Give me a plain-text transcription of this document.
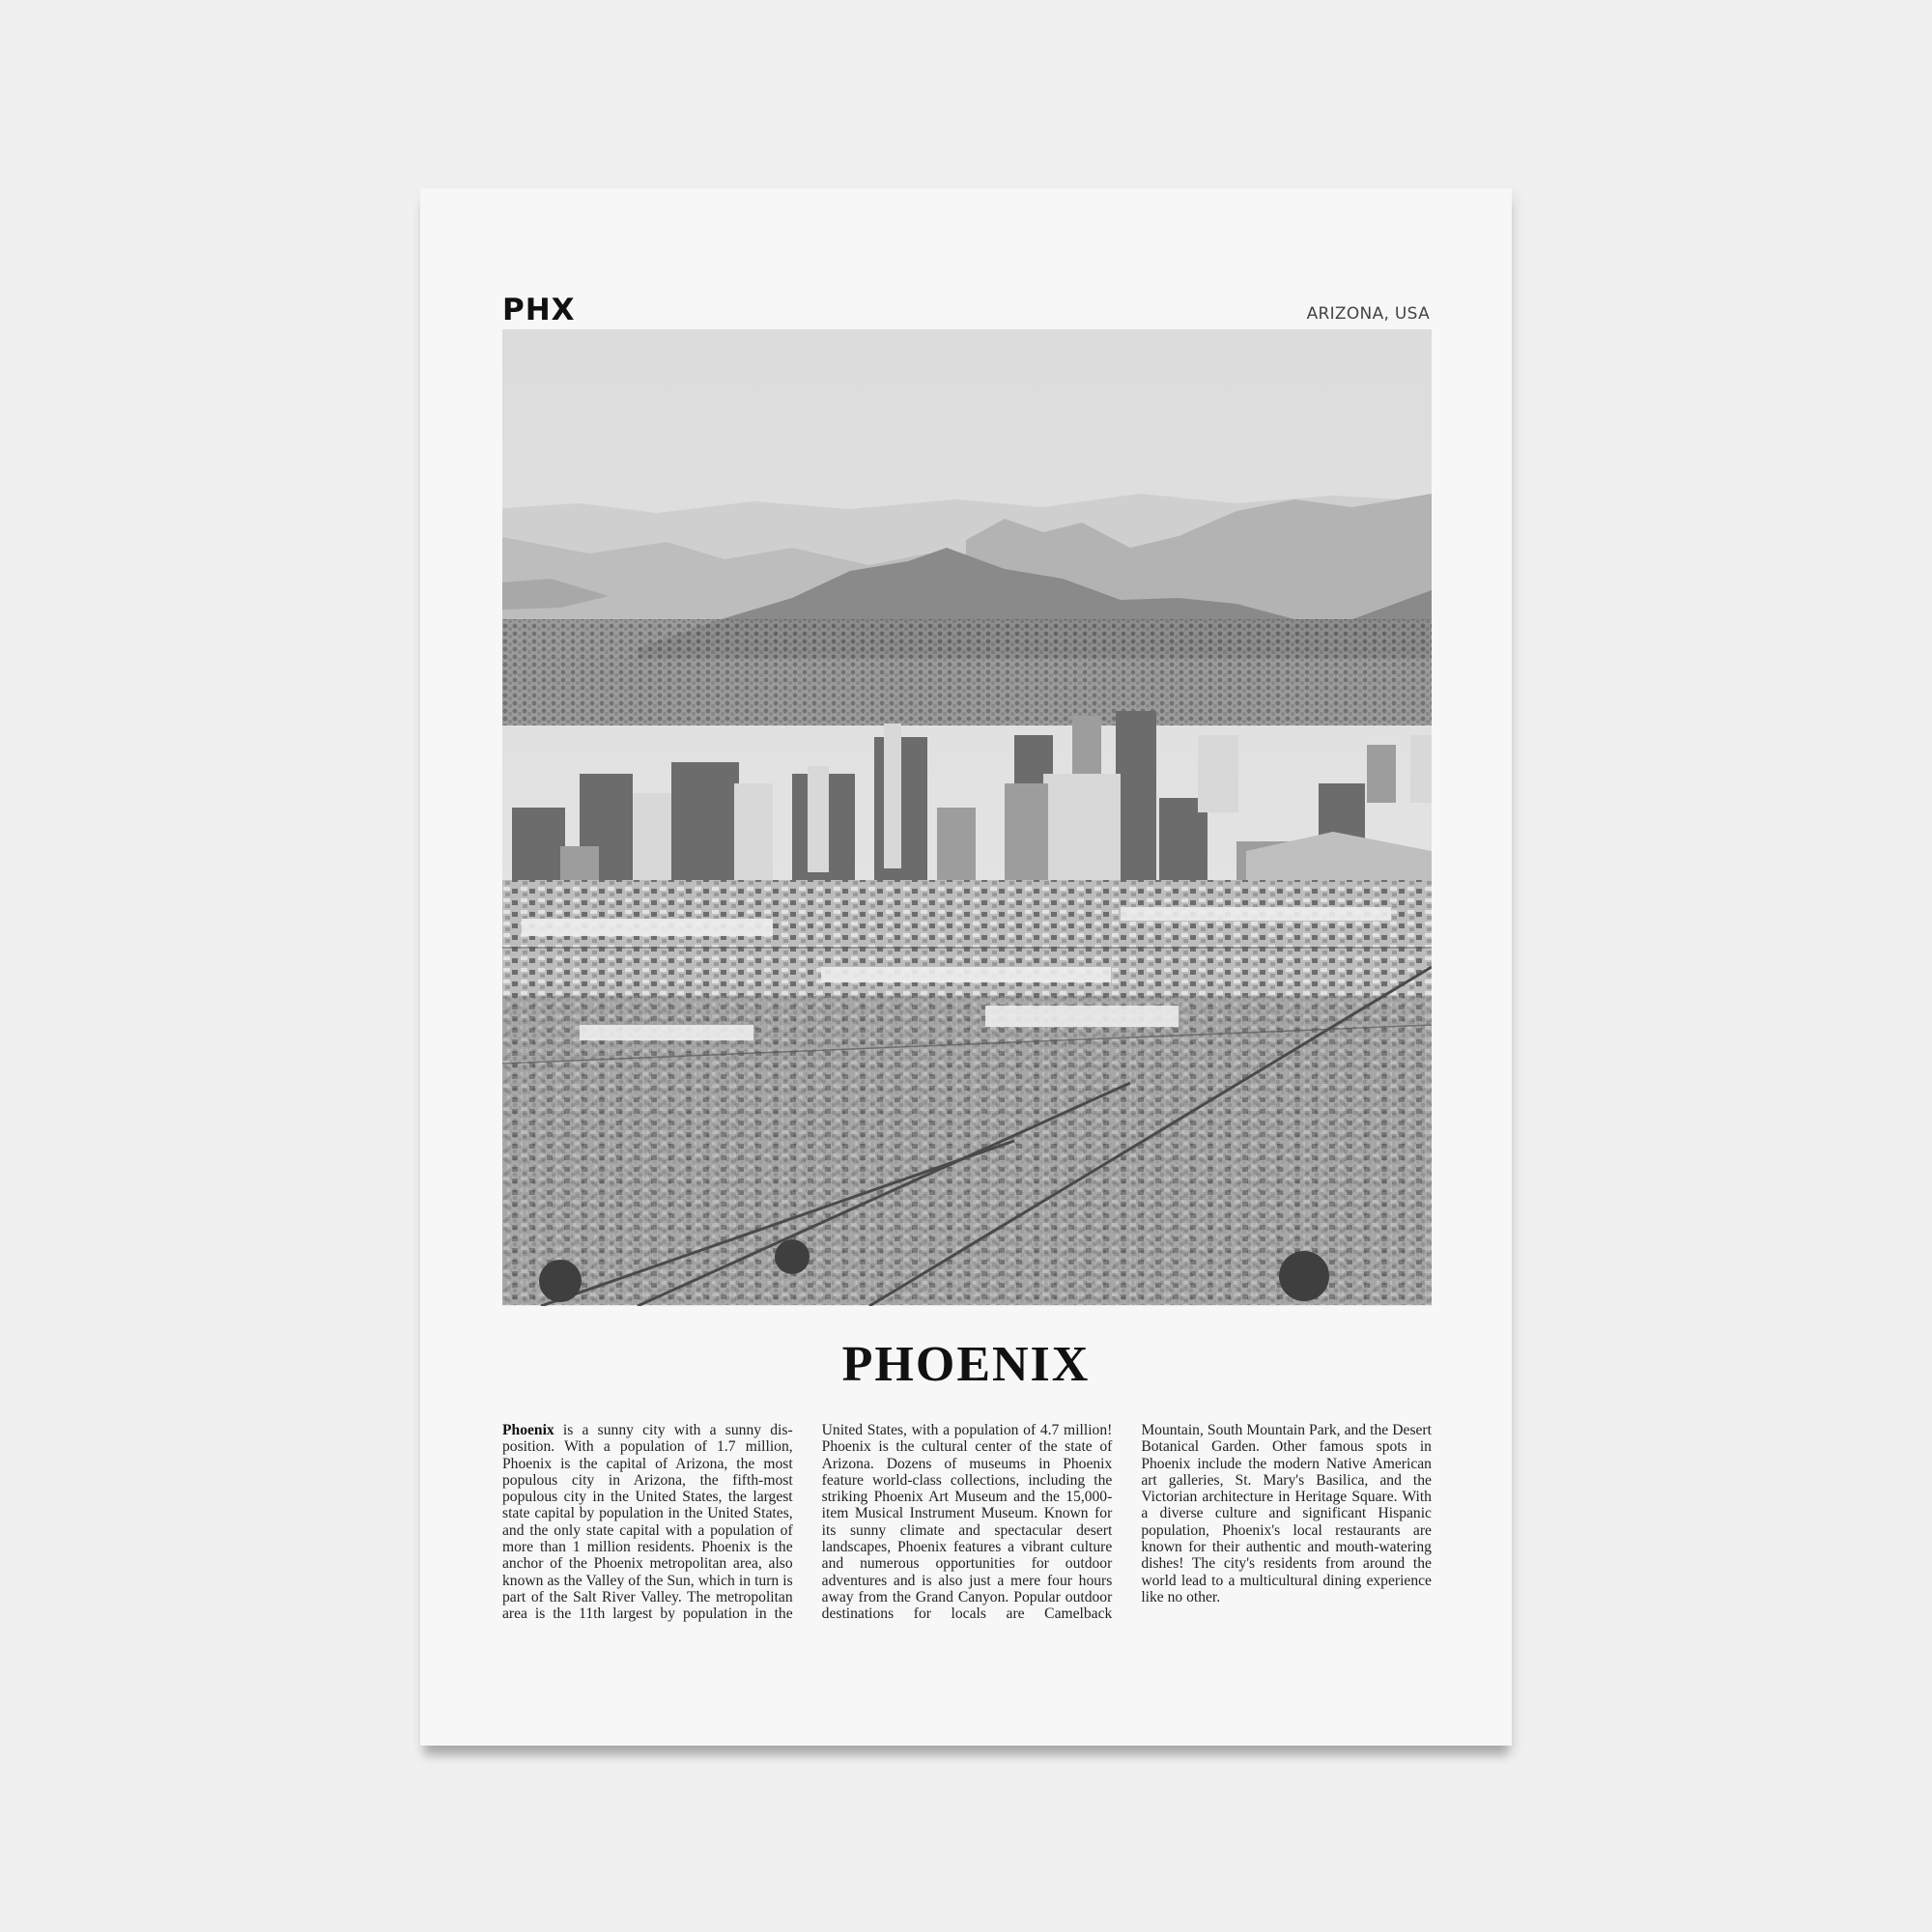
PHX	ARIZONA, USA
PHOENIX
Phoenix is a sunny city with a sunny disposition. With a population of 1.7 million, Phoenix is the capital of Arizona, the most populous city in Arizona, the fifth-most populous city in the United States, the largest state capital by population in the United States, and the only state capital with a population of more than 1 million residents. Phoenix is the anchor of the Phoenix metropolitan area, also known as the Valley of the Sun, which in turn is part of the Salt River Valley. The metropolitan area is the 11th largest by population in the United States, with a population of 4.7 million! Phoenix is the cultural center of the state of Arizona. Dozens of museums in Phoenix feature world-class collections, including the striking Phoenix Art Museum and the 15,000-item Musical Instrument Museum. Known for its sunny climate and spectacular desert landscapes, Phoenix features a vibrant culture and numerous opportunities for outdoor adventures and is also just a mere four hours away from the Grand Canyon. Popular outdoor destinations for locals are Camelback Mountain, South Mountain Park, and the Desert Botanical Garden. Other famous spots in Phoenix include the modern Native American art galleries, St. Mary's Basilica, and the Victorian architecture in Heritage Square. With a diverse culture and significant Hispanic population, Phoenix's local restaurants are known for their authentic and mouth-watering dishes! The city's residents from around the world lead to a multicultural dining experience like no other.
